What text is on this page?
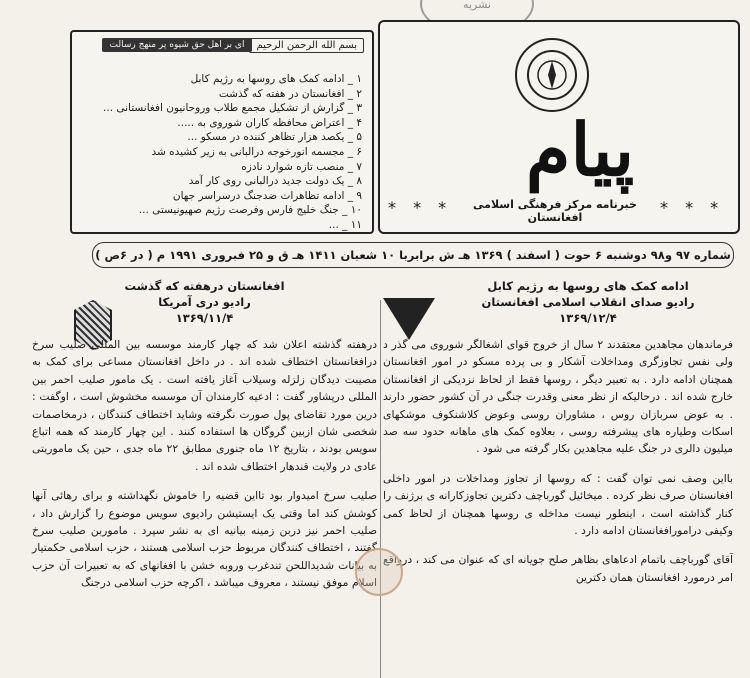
نشریه
پیام
* * *	خبرنامه مرکز فرهنگی اسلامی افغانستان
* * *
بسم الله الرحمن الرحیم
ای بر اهل حق شیوه پر منهج رسالت
۱ _ ادامه کمک های روسها به رژیم کابل
۲ _ افغانستان در هفته که گذشت
۳ _ گزارش از تشکیل مجمع طلاب وروحانیون افغانستانی ...
۴ _ اعتراض محافظه کاران شوروی به .....
۵ _ یکصد هزار تظاهر کننده در مسکو ...
۶ _ مجسمه انورخوجه درالبانی به زیر کشیده شد
۷ _ منصب تازه شوارد نادزه
۸ _ یک دولت جدید درالبانی روی کار آمد
۹ _ ادامه تظاهرات ضدجنگ درسراسر جهان
۱۰ _ جنگ خلیج فارس وفرصت رژیم صهیونیستی ...
۱۱ _ ...
شماره ۹۷ و۹۸ دوشنبه ۶ حوت ( اسفند ) ۱۳۶۹ هـ ش برابربا ۱۰ شعبان ۱۴۱۱ هـ ق و ۲۵ فبروری ۱۹۹۱ م ( در ۶ص )
ادامه کمک های روسها به رژیم کابل
رادیو صدای انقلاب اسلامی افغانستان
۱۳۶۹/۱۲/۴

فرماندهان مجاهدین معتقدند ۲ سال از خروج قوای اشغالگر شوروی می گذر د ولی نفس تجاوزگری ومداخلات آشکار و بی پرده مسکو در امور افغانستان همچنان ادامه دارد . به تعبیر دیگر ، روسها فقط از لحاظ نزدیکی از افغانستان خارج شده اند . درحالیکه از نظر معنی وقدرت جنگی در آن کشور حضور دارند . به عوض سربازان روس ، مشاوران روسی وعوض کلاشنکوف موشکهای اسکات وطیاره های پیشرفته روسی ، بعلاوه کمک های ماهانه حدود سه صد میلیون دالری در جنگ علیه مجاهدین بکار گرفته می شود .

بااین وصف نمی توان گفت : که روسها از تجاوز ومداخلات در امور داخلی افغانستان صرف نظر کرده . میخائیل گورباچف دکترین تجاوزکارانه ی برژنف را کنار گذاشته است ، اینطور نیست مداخله ی روسها همچنان از لحاظ کمی وکیفی درامورافغانستان ادامه دارد .

آقای گورباچف باتمام ادعاهای بظاهر صلح جویانه ای که عنوان می کند ، درواقع امر درمورد افغانستان همان دکترین

افغانستان درهفته که گذشت
رادیو دری آمریکا
۱۳۶۹/۱۱/۴

درهفته گذشته اعلان شد که چهار کارمند موسسه بین المللی صلیب سرخ درافغانستان اختطاف شده اند . در داخل افغانستان مساعی برای کمک به مصیبت دیدگان زلزله وسیلاب آغاز یافته است . یک مامور صلیب احمر بین المللی درپشاور گفت : ادعیه کارمندان آن موسسه مخشوش است ، اوگفت : درین مورد تقاضای پول صورت نگرفته وشاید اختطاف کنندگان ، درمخاصمات شخصی شان ازبین گروگان ها استفاده کنند . این چهار کارمند که همه اتباع سویس بودند ، بتاریخ ۱۲ ماه جنوری مطابق ۲۲ ماه جدی ، حین یک ماموریتی عادی در ولایت قندهار اختطاف شده اند .

صلیب سرخ امیدوار بود تااین قضیه را خاموش نگهداشته و برای رهائی آنها کوشش کند اما وقتی یک ایستیشن رادیوی سویس موضوع را گزارش داد ، صلیب احمر نیز دربن زمینه بیانیه ای به نشر سپرد . ماموربن صلیب سرخ گفتند ، اختطاف کنندگان مربوط حزب اسلامی هستند ، حزب اسلامی حکمتیار به بیانات شدیداللحن تندغرب وروبه خشن با افغانهای که به تعبیرات آن حزب اسلام موفق نیستند ، معروف میباشد ، اکرچه حزب اسلامی درجنگ
